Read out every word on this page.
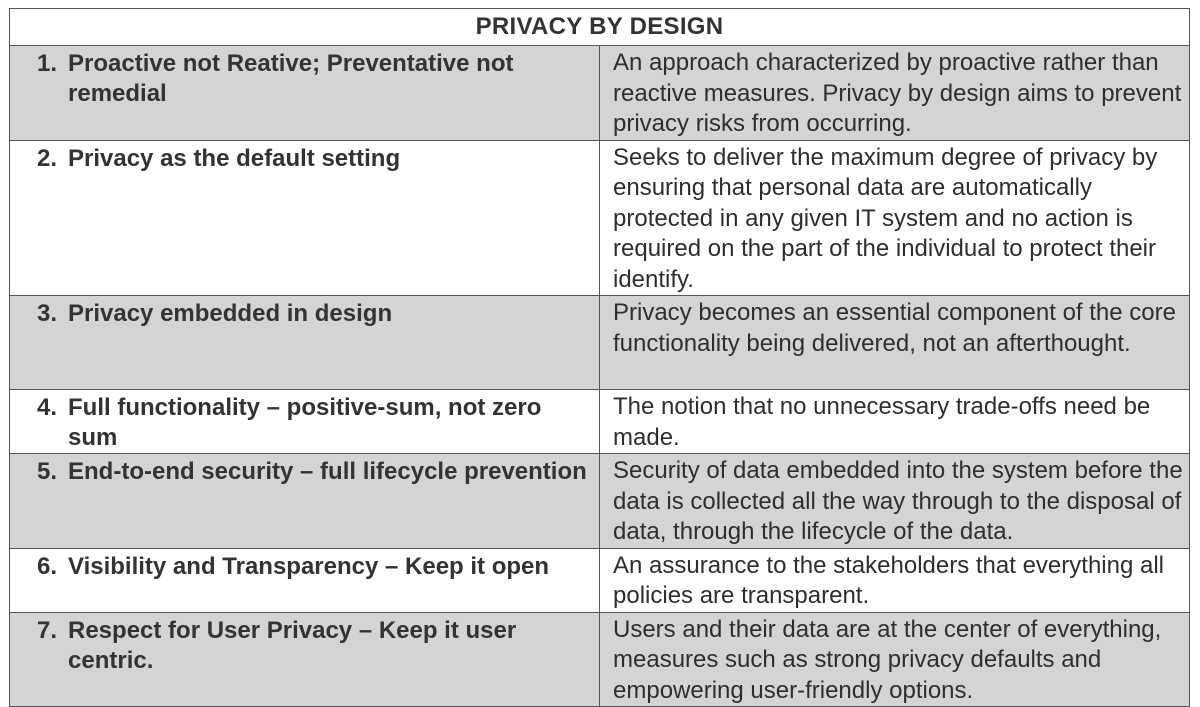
PRIVACY BY DESIGN	

1. Proactive not Reative; Preventative not remedial	An approach characterized by proactive rather than reactive measures. Privacy by design aims to prevent privacy risks from occurring.

2. Privacy as the default setting	Seeks to deliver the maximum degree of privacy by ensuring that personal data are automatically protected in any given IT system and no action is required on the part of the individual to protect their identify.

3. Privacy embedded in design	Privacy becomes an essential component of the core functionality being delivered, not an afterthought.

4. Full functionality – positive-sum, not zero sum	The notion that no unnecessary trade-offs need be made.

5. End-to-end security – full lifecycle prevention	Security of data embedded into the system before the data is collected all the way through to the disposal of data, through the lifecycle of the data.

6. Visibility and Transparency – Keep it open	An assurance to the stakeholders that everything all policies are transparent.

7. Respect for User Privacy – Keep it user centric.	Users and their data are at the center of everything, measures such as strong privacy defaults and empowering user-friendly options.
